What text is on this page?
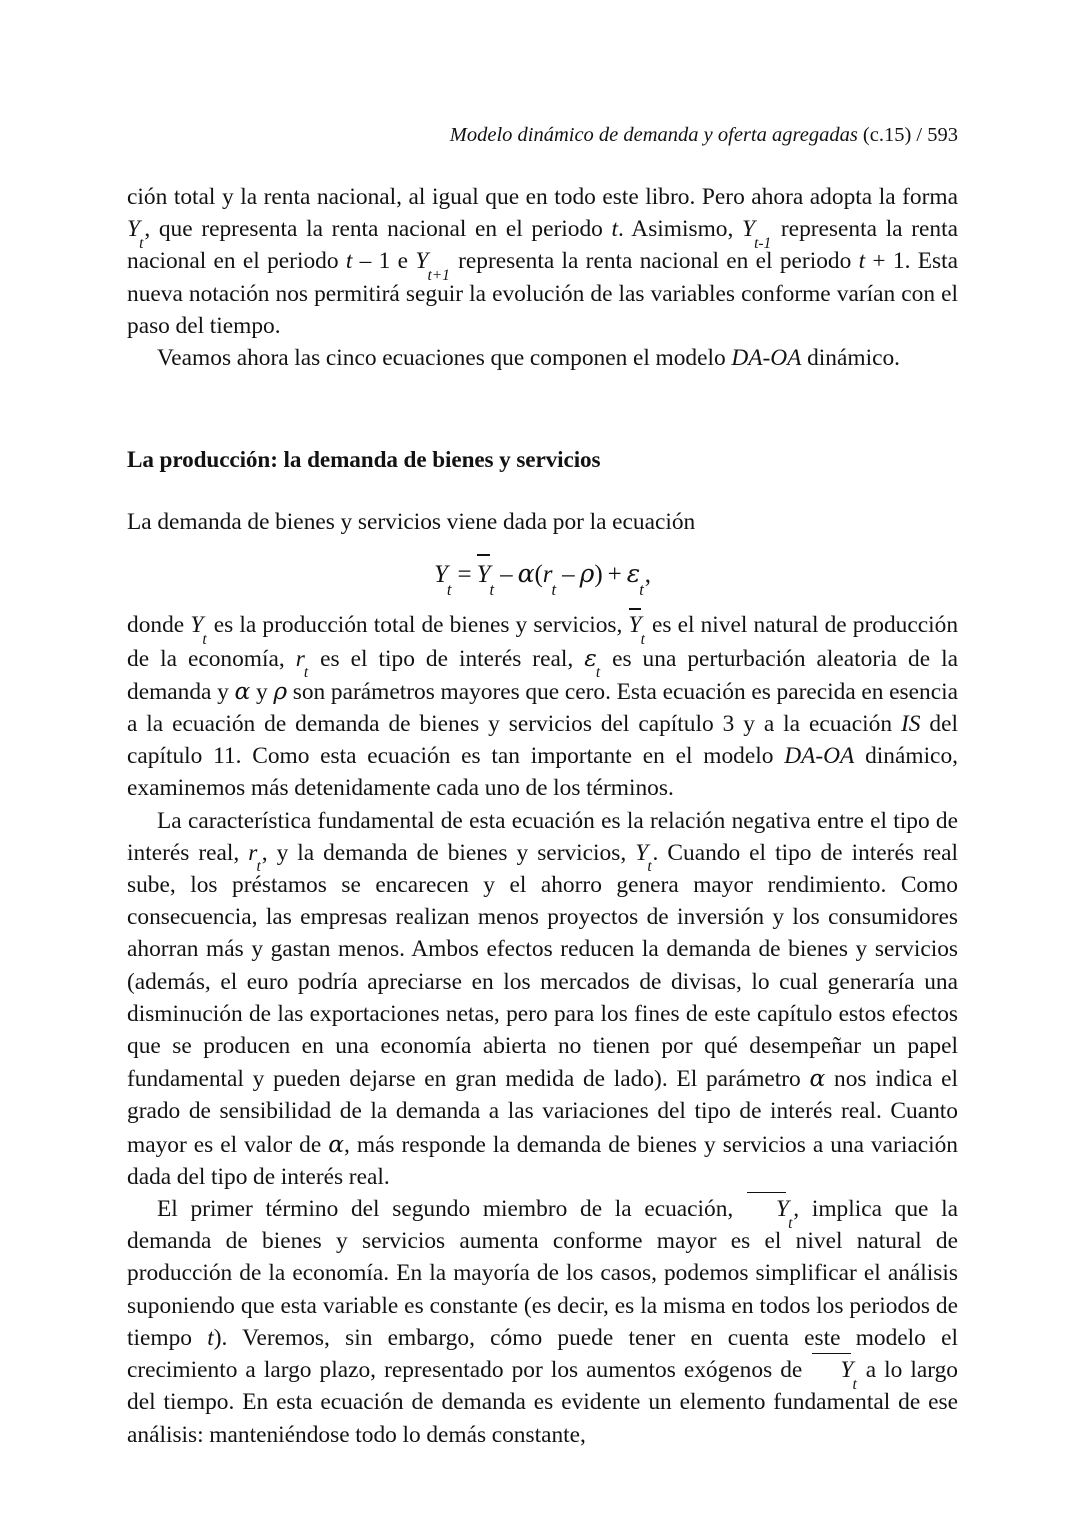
Modelo dinámico de demanda y oferta agregadas (c.15) / 593

ción total y la renta nacional, al igual que en todo este libro. Pero ahora adopta la forma $Y_t$, que representa la renta nacional en el periodo t. Asimismo, $Y_{t-1}$ representa la renta nacional en el periodo t – 1 e $Y_{t+1}$ representa la renta nacional en el periodo t + 1. Esta nueva notación nos permitirá seguir la evolución de las variables conforme varían con el paso del tiempo.

Veamos ahora las cinco ecuaciones que componen el modelo DA-OA dinámico.

La producción: la demanda de bienes y servicios

La demanda de bienes y servicios viene dada por la ecuación

$Y_t= Y_t-$ $\alpha(r_t-$ $\rho) + \varepsilon_t$,

donde $Y_t$ es la producción total de bienes y servicios, $Y_t$ es el nivel natural de producción de la economía, $r_t$ es el tipo de interés real, $\varepsilon_t$ es una perturbación aleatoria de la demanda y α y ρ son parámetros mayores que cero. Esta ecuación es parecida en esencia a la ecuación de demanda de bienes y servicios del capítulo 3 y a la ecuación IS del capítulo 11. Como esta ecuación es tan importante en el modelo DA-OA dinámico, examinemos más detenidamente cada uno de los términos.

La característica fundamental de esta ecuación es la relación negativa entre el tipo de interés real, $r_t$, y la demanda de bienes y servicios, $Y_t$. Cuando el tipo de interés real sube, los préstamos se encarecen y el ahorro genera mayor rendimiento. Como consecuencia, las empresas realizan menos proyectos de inversión y los consumidores ahorran más y gastan menos. Ambos efectos reducen la demanda de bienes y servicios (además, el euro podría apreciarse en los mercados de divisas, lo cual generaría una disminución de las exportaciones netas, pero para los fines de este capítulo estos efectos que se producen en una economía abierta no tienen por qué desempeñar un papel fundamental y pueden dejarse en gran medida de lado). El parámetro α nos indica el grado de sensibilidad de la demanda a las variaciones del tipo de interés real. Cuanto mayor es el valor de α, más responde la demanda de bienes y servicios a una variación dada del tipo de interés real.

El primer término del segundo miembro de la ecuación, $Y_t$, implica que la demanda de bienes y servicios aumenta conforme mayor es el nivel natural de producción de la economía. En la mayoría de los casos, podemos simplificar el análisis suponiendo que esta variable es constante (es decir, es la misma en todos los periodos de tiempo t). Veremos, sin embargo, cómo puede tener en cuenta este modelo el crecimiento a largo plazo, representado por los aumentos exógenos de $Y_t$ a lo largo del tiempo. En esta ecuación de demanda es evidente un elemento fundamental de ese análisis: manteniéndose todo lo demás constante,
